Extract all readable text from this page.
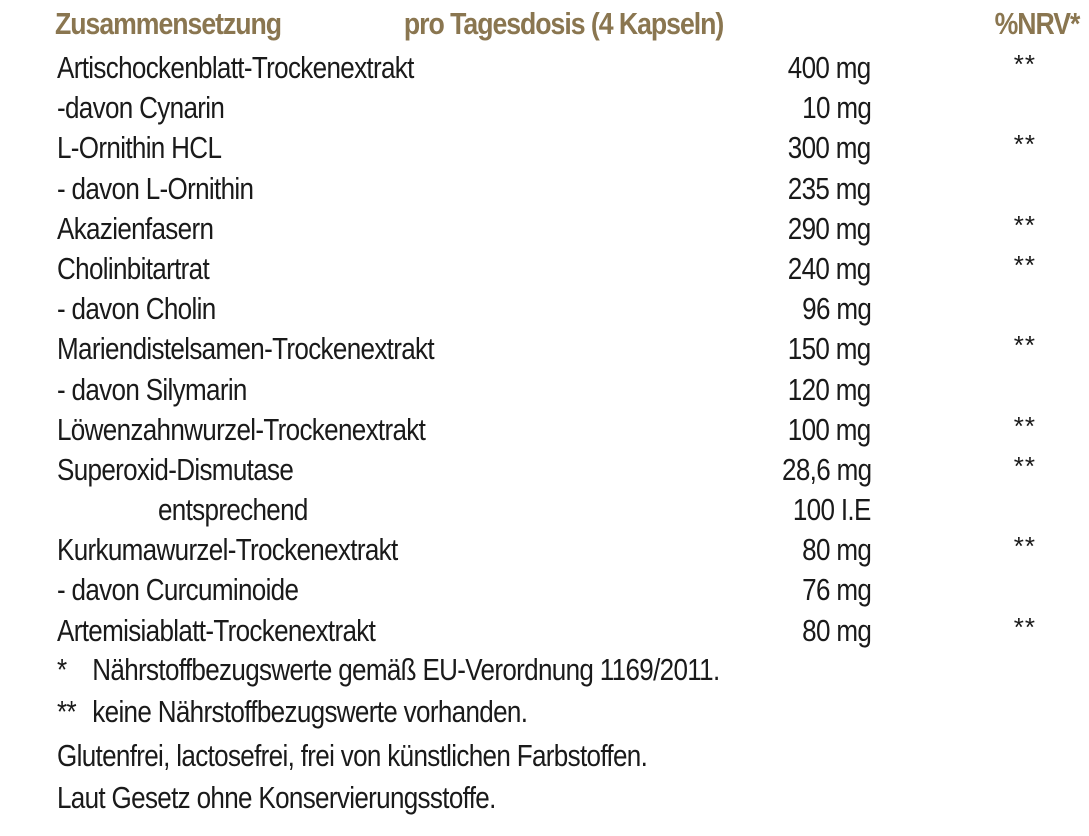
Zusammensetzung	pro Tagesdosis (4 Kapseln)	%NRV*
Artischockenblatt-Trockenextrakt	400 mg	**
-davon Cynarin	10 mg
L-Ornithin HCL	300 mg	**
- davon L-Ornithin	235 mg
Akazienfasern	290 mg	**
Cholinbitartrat	240 mg	**
- davon Cholin	96 mg
Mariendistelsamen-Trockenextrakt	150 mg	**
- davon Silymarin	120 mg
Löwenzahnwurzel-Trockenextrakt	100 mg	**
Superoxid-Dismutase	28,6 mg	**
entsprechend	100 I.E
Kurkumawurzel-Trockenextrakt	80 mg	**
- davon Curcuminoide	76 mg
Artemisiablatt-Trockenextrakt	80 mg	**
* Nährstoffbezugswerte gemäß EU-Verordnung 1169/2011.
** keine Nährstoffbezugswerte vorhanden.
Glutenfrei, lactosefrei, frei von künstlichen Farbstoffen.
Laut Gesetz ohne Konservierungsstoffe.
